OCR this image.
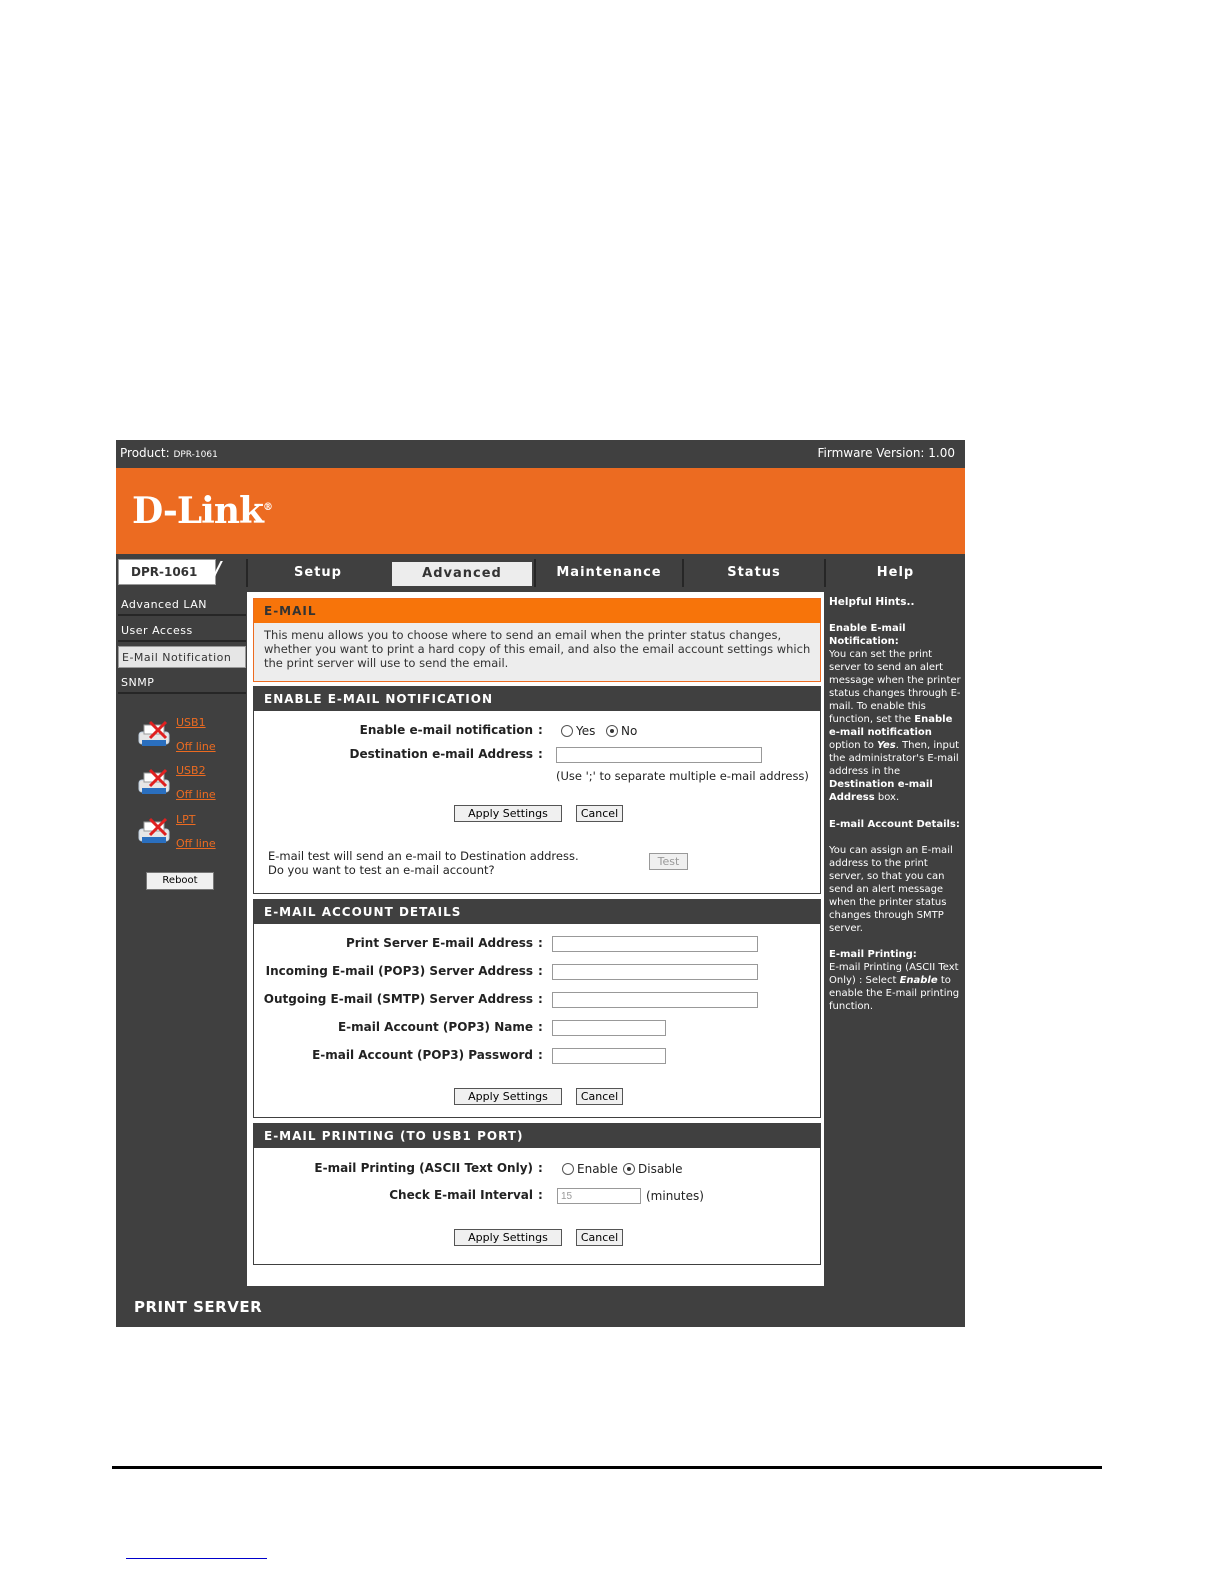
Product: DPR-1061	Firmware Version: 1.00
D-Link®
DPR-1061 //	Setup	Advanced	Maintenance	Status	Help
Advanced LAN
User Access
E-Mail Notification
SNMP
USB1
Off line
USB2
Off line
LPT
Off line
Reboot
E-MAIL
This menu allows you to choose where to send an email when the printer status changes, whether you want to print a hard copy of this email, and also the email account settings which the print server will use to send the email.
ENABLE E-MAIL NOTIFICATION
Enable e-mail notification :	Yes No
Destination e-mail Address :
(Use ';' to separate multiple e-mail address)
Apply Settings	Cancel
E-mail test will send an e-mail to Destination address.
Do you want to test an e-mail account?
Test
E-MAIL ACCOUNT DETAILS
Print Server E-mail Address :
Incoming E-mail (POP3) Server Address :
Outgoing E-mail (SMTP) Server Address :
E-mail Account (POP3) Name :
E-mail Account (POP3) Password :
Apply Settings	Cancel
E-MAIL PRINTING (TO USB1 PORT)
E-mail Printing (ASCII Text Only) :	Enable Disable
Check E-mail Interval :
15	(minutes)
Apply Settings	Cancel
Helpful Hints..
Enable E-mail Notification:
You can set the print server to send an alert message when the printer status changes through E-mail. To enable this function, set the Enable e-mail notification option to Yes. Then, input the administrator's E-mail address in the Destination e-mail Address box.
E-mail Account Details:

You can assign an E-mail address to the print server, so that you can send an alert message when the printer status changes through SMTP server.
E-mail Printing:
E-mail Printing (ASCII Text Only) : Select Enable to enable the E-mail printing function.
PRINT SERVER
